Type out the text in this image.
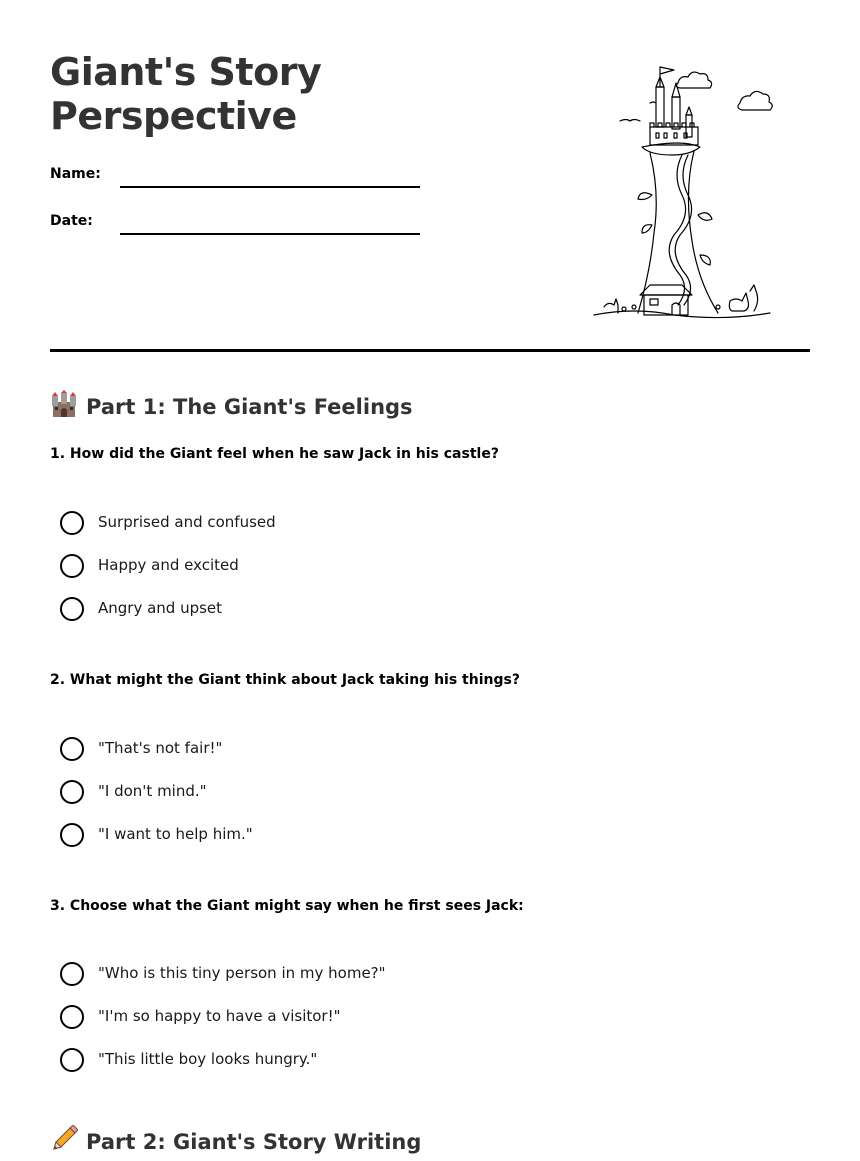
Giant's Story Perspective
Name:
Date:
Part 1: The Giant's Feelings

1. How did the Giant feel when he saw Jack in his castle?

Surprised and confused
Happy and excited
Angry and upset

2. What might the Giant think about Jack taking his things?

"That's not fair!"
"I don't mind."
"I want to help him."

3. Choose what the Giant might say when he first sees Jack:

"Who is this tiny person in my home?"
"I'm so happy to have a visitor!"
"This little boy looks hungry."
Part 2: Giant's Story Writing
